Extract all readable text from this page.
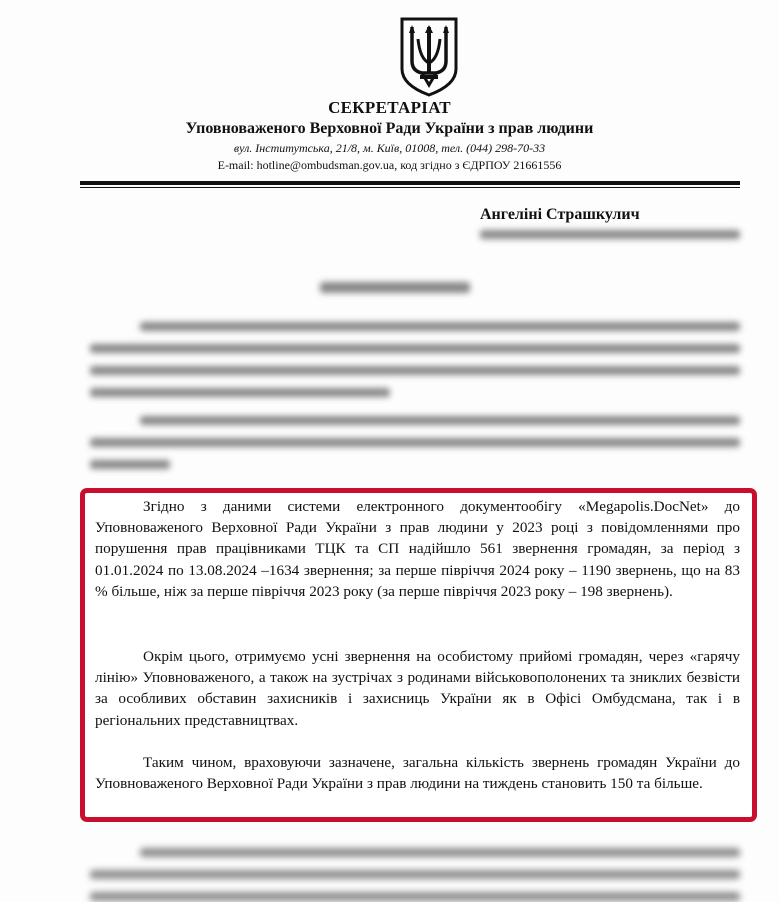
СЕКРЕТАРІАТ
Уповноваженого Верховної Ради України з прав людини
вул. Інститутська, 21/8, м. Київ, 01008, тел. (044) 298-70-33
E-mail: hotline@ombudsman.gov.ua, код згідно з ЄДРПОУ 21661556
Ангеліні Страшкулич

Згідно з даними системи електронного документообігу «Megapolis.DocNet» до Уповноваженого Верховної Ради України з прав людини у 2023 році з повідомленнями про порушення прав працівниками ТЦК та СП надійшло 561 звернення громадян, за період з 01.01.2024 по 13.08.2024 –1634 звернення; за перше півріччя 2024 року – 1190 звернень, що на 83 % більше, ніж за перше півріччя 2023 року (за перше півріччя 2023 року – 198 звернень).

Окрім цього, отримуємо усні звернення на особистому прийомі громадян, через «гарячу лінію» Уповноваженого, а також на зустрічах з родинами військовополонених та зниклих безвісти за особливих обставин захисників і захисниць України як в Офісі Омбудсмана, так і в регіональних представництвах.

Таким чином, враховуючи зазначене, загальна кількість звернень громадян України до Уповноваженого Верховної Ради України з прав людини на тиждень становить 150 та більше.
